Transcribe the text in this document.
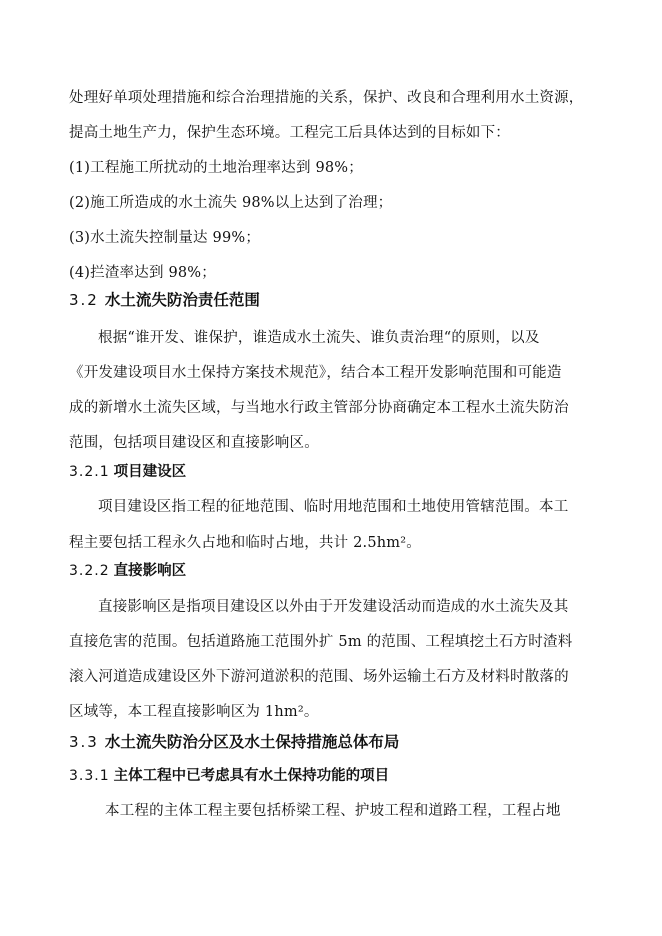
处理好单项处理措施和综合治理措施的关系，保护、改良和合理利用水土资源，
提高土地生产力，保护生态环境。工程完工后具体达到的目标如下：
(1)工程施工所扰动的土地治理率达到 98%；
(2)施工所造成的水土流失 98%以上达到了治理；
(3)水土流失控制量达 99%；
(4)拦渣率达到 98%；
3.2 水土流失防治责任范围
根据“谁开发、谁保护，谁造成水土流失、谁负责治理“的原则，以及
《开发建设项目水土保持方案技术规范》，结合本工程开发影响范围和可能造
成的新增水土流失区域，与当地水行政主管部分协商确定本工程水土流失防治
范围，包括项目建设区和直接影响区。
3.2.1 项目建设区
项目建设区指工程的征地范围、临时用地范围和土地使用管辖范围。本工
程主要包括工程永久占地和临时占地，共计 2.5hm²。
3.2.2 直接影响区
直接影响区是指项目建设区以外由于开发建设活动而造成的水土流失及其
直接危害的范围。包括道路施工范围外扩 5m 的范围、工程填挖土石方时渣料
滚入河道造成建设区外下游河道淤积的范围、场外运输土石方及材料时散落的
区域等，本工程直接影响区为 1hm²。
3.3 水土流失防治分区及水土保持措施总体布局
3.3.1 主体工程中已考虑具有水土保持功能的项目
本工程的主体工程主要包括桥梁工程、护坡工程和道路工程，工程占地
